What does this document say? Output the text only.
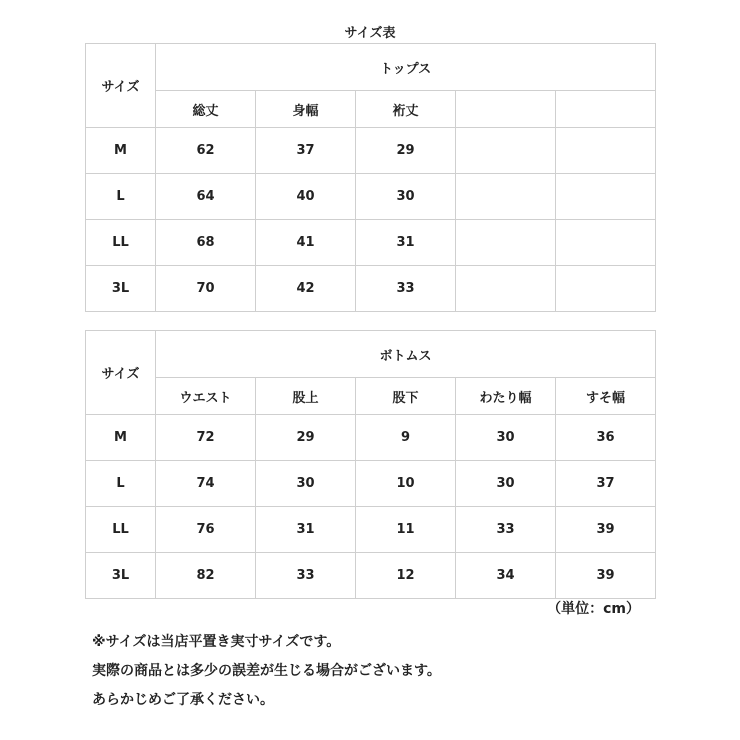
サイズ表
サイズ	トップス				
	総丈	身幅	裄丈		
M	62	37	29		
L	64	40	30		
LL	68	41	31		
3L	70	42	33		
サイズ	ボトムス				
	ウエスト	股上	股下	わたり幅	すそ幅
M	72	29	9	30	36
L	74	30	10	30	37
LL	76	31	11	33	39
3L	82	33	12	34	39
（単位：cm）
※サイズは当店平置き実寸サイズです。
実際の商品とは多少の誤差が生じる場合がございます。
あらかじめご了承ください。
